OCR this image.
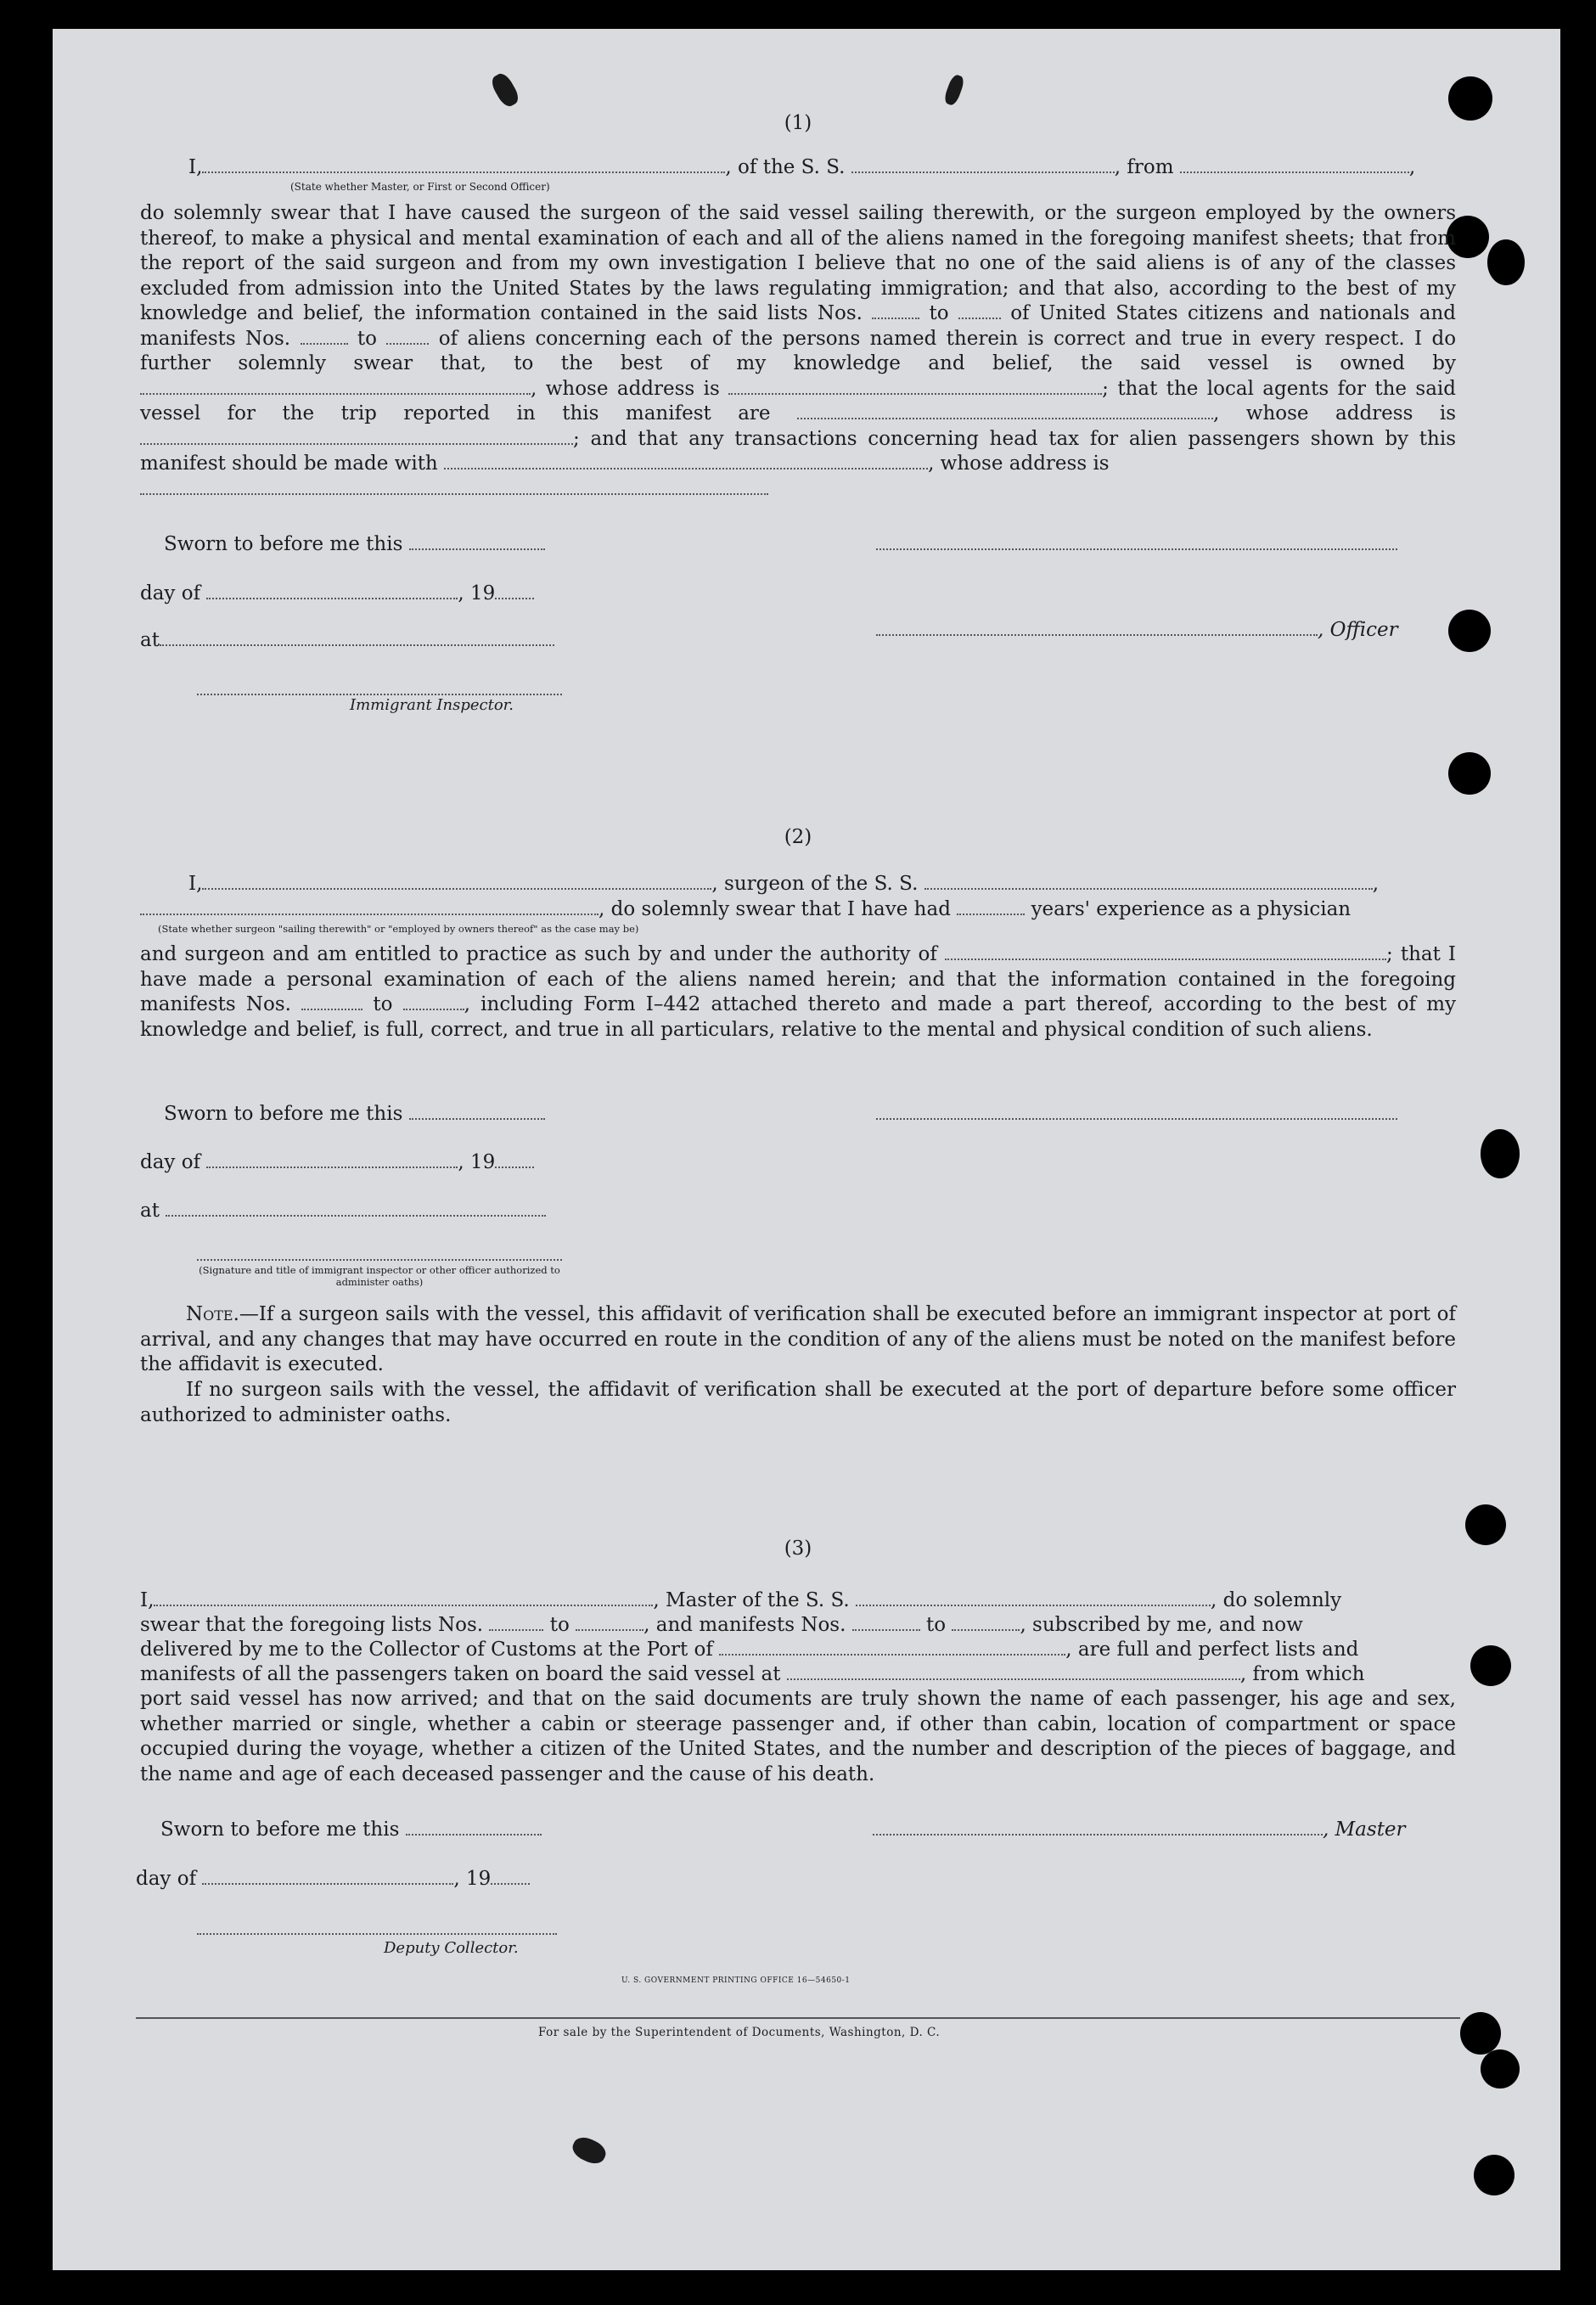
(1)
I,	, of the S. S.	, from	,
(State whether Master, or First or Second Officer)
do solemnly swear that I have caused the surgeon of the said vessel sailing therewith, or the surgeon employed by the owners thereof, to make a physical and mental examination of each and all of the aliens named in the foregoing manifest sheets; that from the report of the said surgeon and from my own investigation I believe that no one of the said aliens is of any of the classes excluded from admission into the United States by the laws regulating immigration; and that also, according to the best of my knowledge and belief, the information contained in the said lists Nos.	to	of United States citizens and nationals and manifests Nos.	to	of aliens concerning each of the persons named therein is correct and true in every respect. I do further solemnly swear that, to the best of my knowledge and belief, the said vessel is owned by , whose address is	; that the local agents for the said vessel for the trip reported in this manifest are	, whose address is ; and that any transactions concerning head tax for alien passengers shown by this manifest should be made with	, whose address is

Sworn to before me this
day of	, 19
, Officer
at
Immigrant Inspector.
(2)
I,	, surgeon of the S. S.	,
, do solemnly swear that I have had	years' experience as a physician
(State whether surgeon "sailing therewith" or "employed by owners thereof" as the case may be)
and surgeon and am entitled to practice as such by and under the authority of	; that I have made a personal examination of each of the aliens named herein; and that the information contained in the foregoing manifests Nos.	to	, including Form I–442 attached thereto and made a part thereof, according to the best of my knowledge and belief, is full, correct, and true in all particulars, relative to the mental and physical condition of such aliens.
Sworn to before me this
day of	, 19
at
(Signature and title of immigrant inspector or other officer authorized to administer oaths)
Note.—If a surgeon sails with the vessel, this affidavit of verification shall be executed before an immigrant inspector at port of arrival, and any changes that may have occurred en route in the condition of any of the aliens must be noted on the manifest before the affidavit is executed.
If no surgeon sails with the vessel, the affidavit of verification shall be executed at the port of departure before some officer authorized to administer oaths.
(3)
I,	, Master of the S. S.	, do solemnly
swear that the foregoing lists Nos.	to	, and manifests Nos.	to	, subscribed by me, and now
delivered by me to the Collector of Customs at the Port of	, are full and perfect lists and
manifests of all the passengers taken on board the said vessel at	, from which
port said vessel has now arrived; and that on the said documents are truly shown the name of each passenger, his age and sex, whether married or single, whether a cabin or steerage passenger and, if other than cabin, location of compartment or space occupied during the voyage, whether a citizen of the United States, and the number and description of the pieces of baggage, and the name and age of each deceased passenger and the cause of his death.
Sworn to before me this	, Master
day of	, 19
Deputy Collector.
U. S. GOVERNMENT PRINTING OFFICE 16—54650-1
For sale by the Superintendent of Documents, Washington, D. C.
